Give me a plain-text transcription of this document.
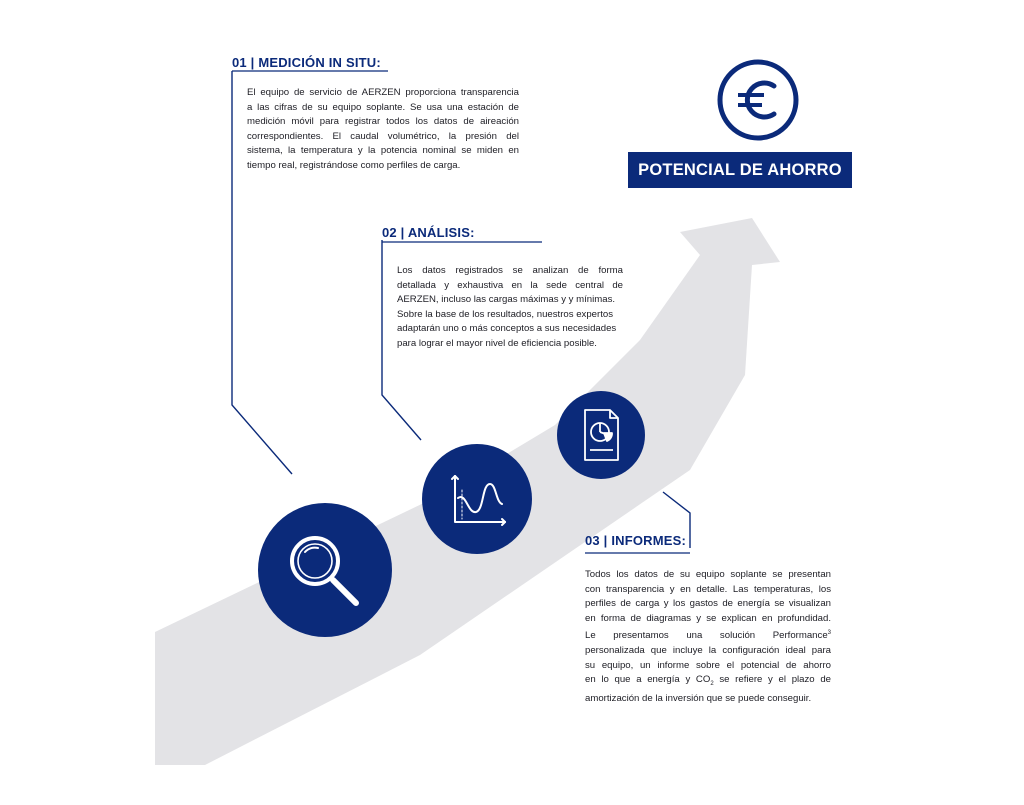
POTENCIAL DE AHORRO
01 | MEDICIÓN IN SITU:

El equipo de servicio de AERZEN proporciona transparencia

a las cifras de su equipo soplante. Se usa una estación de

medición móvil para registrar todos los datos de aireación

correspondientes. El caudal volumétrico, la presión del

sistema, la temperatura y la potencia nominal se miden en

tiempo real, registrándose como perfiles de carga.

02 | ANÁLISIS:

Los datos registrados se analizan de forma

detallada y exhaustiva en la sede central de

AERZEN, incluso las cargas máximas y y mínimas.

Sobre la base de los resultados, nuestros expertos

adaptarán uno o más conceptos a sus necesidades

para lograr el mayor nivel de eficiencia posible.

03 | INFORMES:

Todos los datos de su equipo soplante se presentan

con transparencia y en detalle. Las temperaturas, los

perfiles de carga y los gastos de energía se visualizan

en forma de diagramas y se explican en profundidad.

Le presentamos una solución Performance$^3$

personalizada que incluye la configuración ideal para

su equipo, un informe sobre el potencial de ahorro

en lo que a energía y $CO_2$ se refiere y el plazo de

amortización de la inversión que se puede conseguir.
